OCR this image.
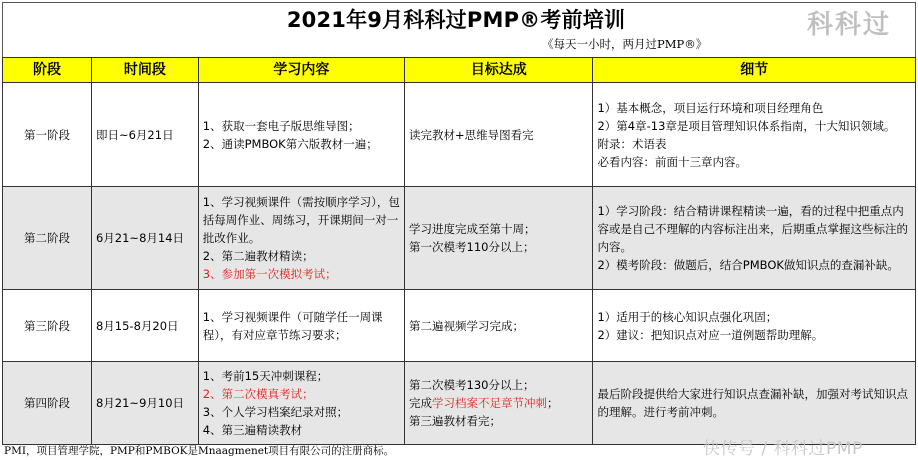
2021年9月科科过PMP®考前培训	科科过
《每天一小时，两月过PMP®》
阶段	时间段	学习内容	目标达成	细节
第一阶段	即日~6月21日	1、获取一套电子版思维导图；
2、通读PMBOK第六版教材一遍；	读完教材+思维导图看完	1）基本概念，项目运行环境和项目经理角色
2）第4章-13章是项目管理知识体系指南，十大知识领域。
附录：术语表
必看内容：前面十三章内容。

第二阶段	6月21~8月14日	1、学习视频课件（需按顺序学习），包括每周作业、周练习，开课期间一对一批改作业。
2、第二遍教材精读；
3、参加第一次模拟考试；	学习进度完成至第十周；
第一次模考110分以上；	1）学习阶段：结合精讲课程精读一遍，看的过程中把重点内容或是自己不理解的内容标注出来，后期重点掌握这些标注的内容。
2）模考阶段：做题后，结合PMBOK做知识点的查漏补缺。

第三阶段	8月15-8月20日	1、学习视频课件（可随学任一周课程），有对应章节练习要求；	第二遍视频学习完成；	1）适用于的核心知识点强化巩固；
2）建议：把知识点对应一道例题帮助理解。

第四阶段	8月21~9月10日	1、考前15天冲刺课程；
2、第二次模真考试；
3、个人学习档案纪录对照；
4、第三遍精读教材	第二次模考130分以上；
完成学习档案不足章节冲刺；
第三遍教材看完；	最后阶段提供给大家进行知识点查漏补缺，加强对考试知识点的理解。进行考前冲刺。
PMI，项目管理学院，PMP和PMBOK是Mnaagmenet项目有限公司的注册商标。	快传号 / 科科过PMP
